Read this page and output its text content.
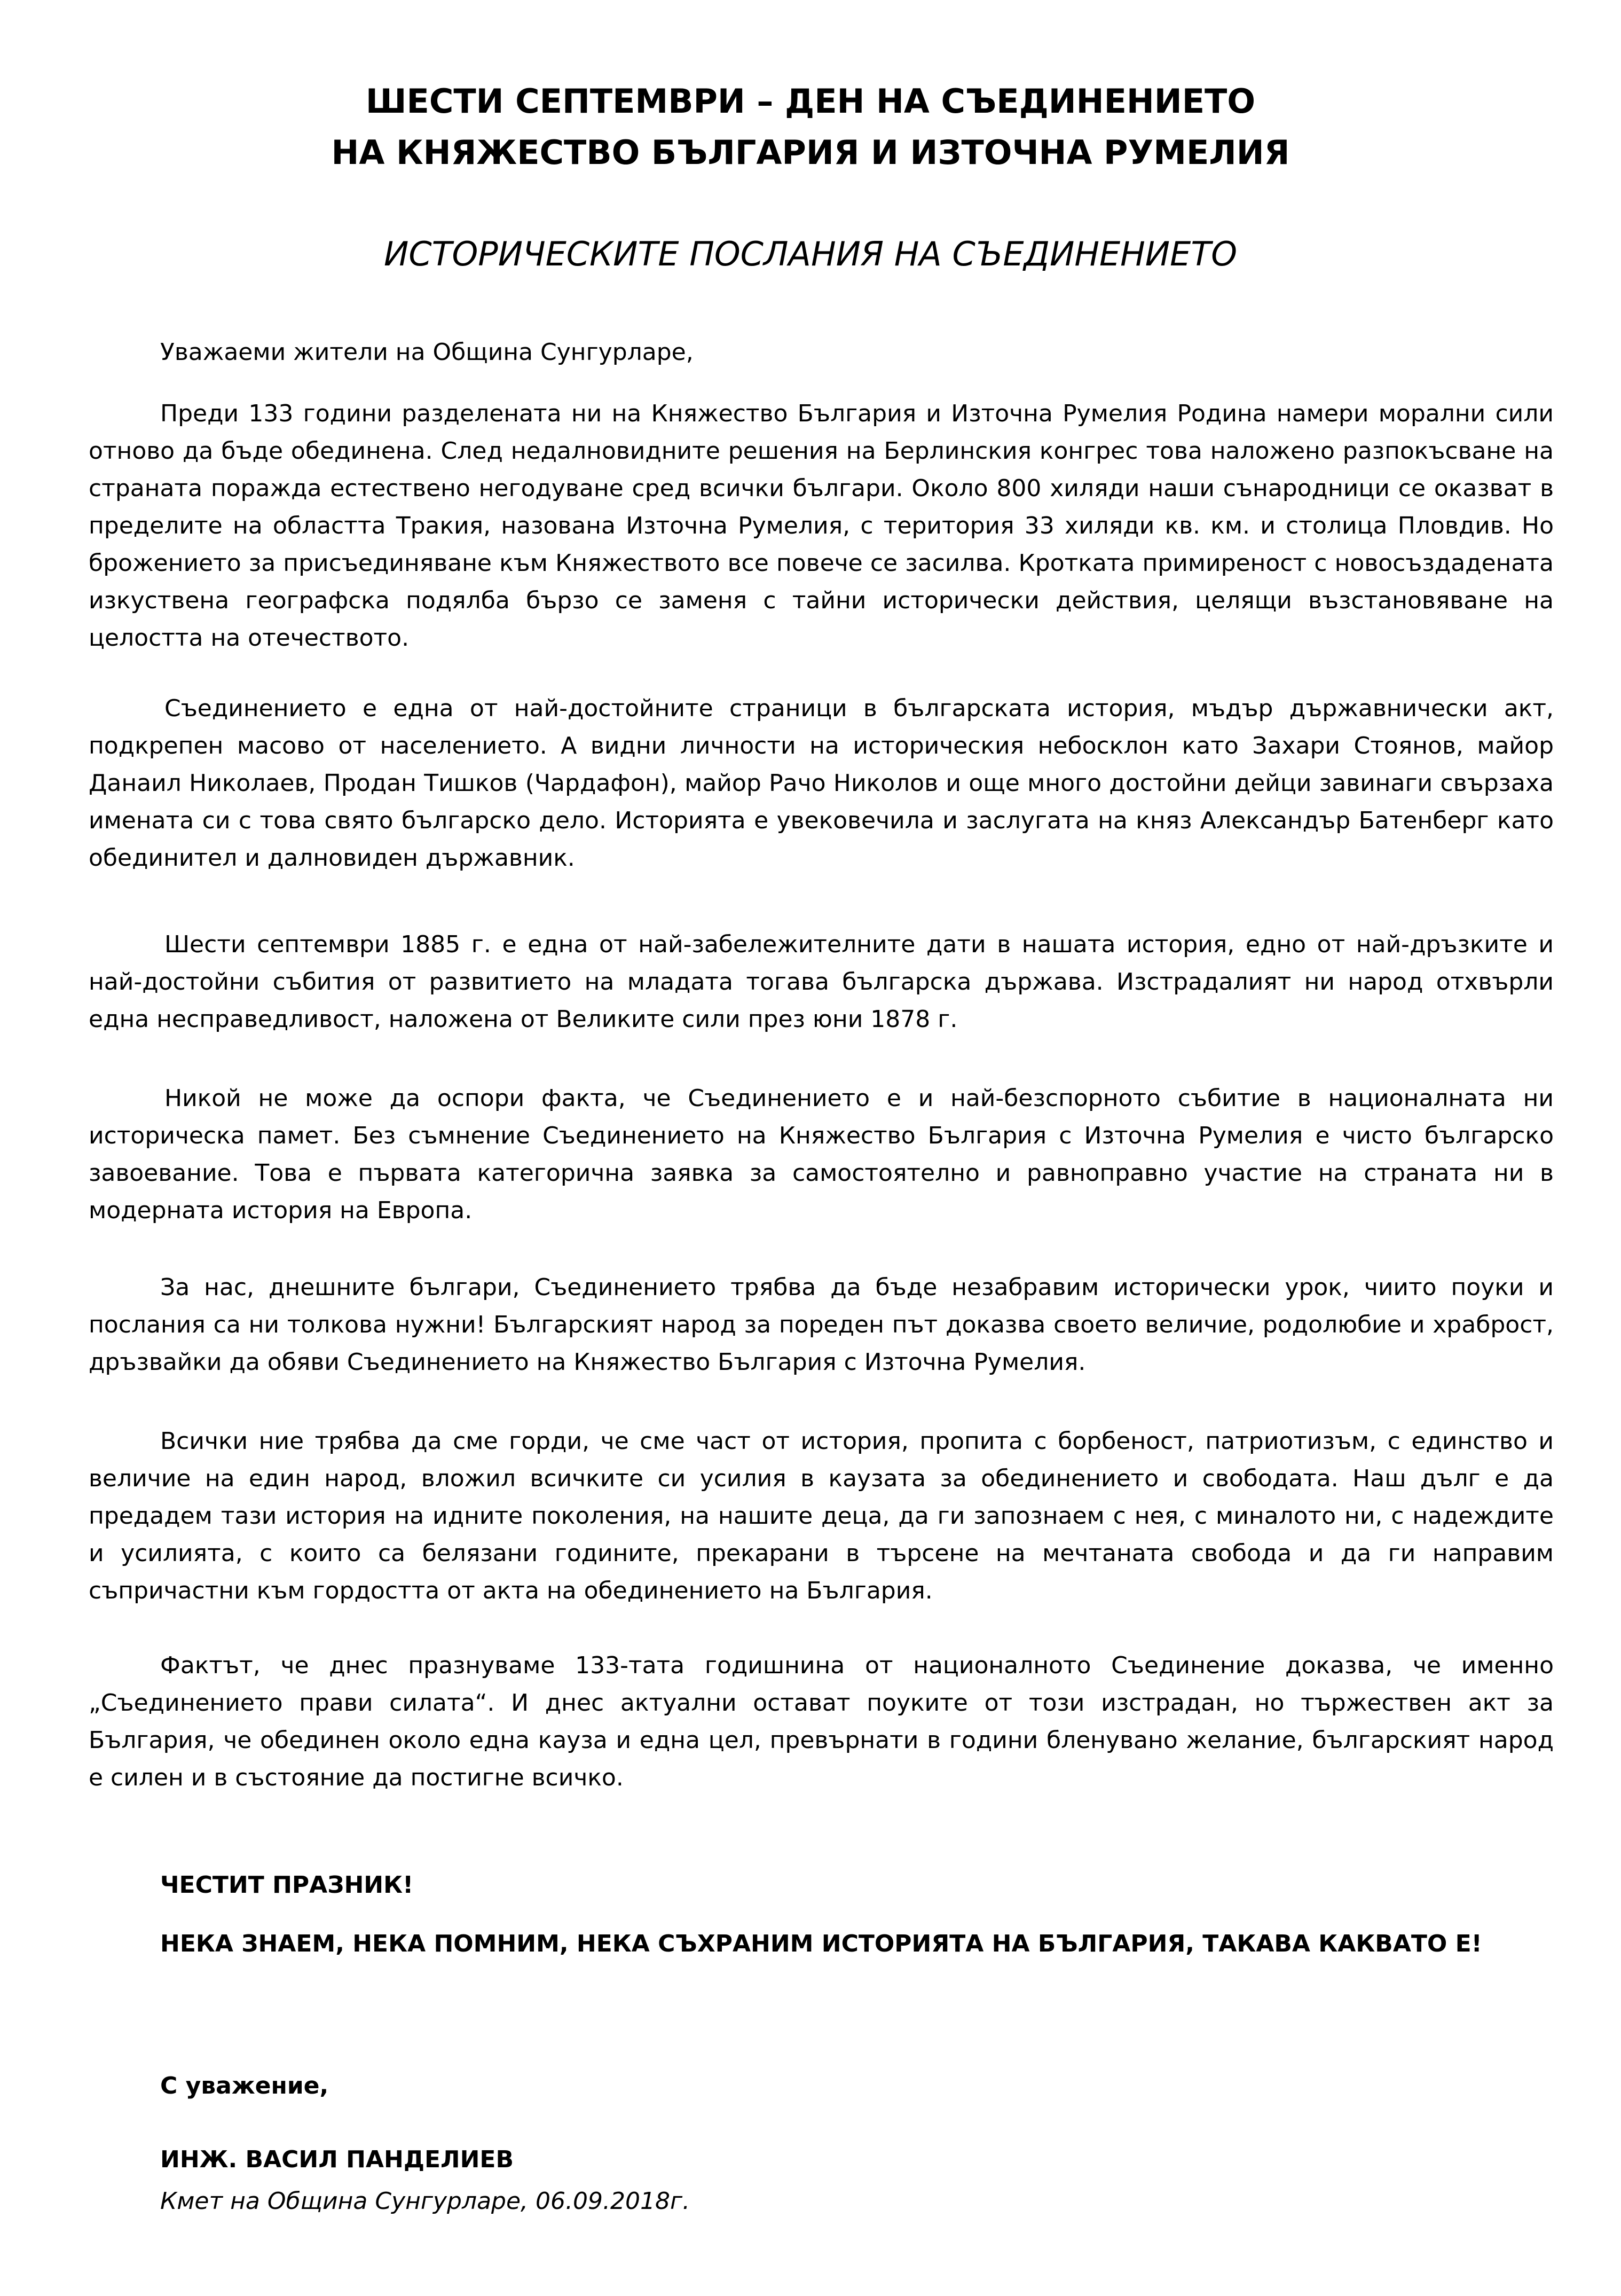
ШЕСТИ СЕПТЕМВРИ – ДЕН НА СЪЕДИНЕНИЕТО
НА КНЯЖЕСТВО БЪЛГАРИЯ И ИЗТОЧНА РУМЕЛИЯ
ИСТОРИЧЕСКИТЕ ПОСЛАНИЯ НА СЪЕДИНЕНИЕТО
Уважаеми жители на Община Сунгурларе,

Преди 133 години разделената ни на Княжество България и Източна Румелия Родина намери морални сили отново да бъде обединена. След недалновидните решения на Берлинския конгрес това наложено разпокъсване на страната поражда естествено негодуване сред всички българи. Около 800 хиляди наши сънародници се оказват в пределите на областта Тракия, назована Източна Румелия, с територия 33 хиляди кв. км. и столица Пловдив. Но брожението за присъединяване към Княжеството все повече се засилва. Кротката примиреност с новосъздадената изкуствена географска подялба бързо се заменя с тайни исторически действия, целящи възстановяване на целостта на отечеството.

Съединението е една от най-достойните страници в българската история, мъдър държавнически акт, подкрепен масово от населението. А видни личности на историческия небосклон като Захари Стоянов, майор Данаил Николаев, Продан Тишков (Чардафон), майор Рачо Николов и още много достойни дейци завинаги свързаха имената си с това свято българско дело. Историята е увековечила и заслугата на княз Александър Батенберг като обединител и далновиден държавник.

Шести септември 1885 г. е една от най-забележителните дати в нашата история, едно от най-дръзките и най-достойни събития от развитието на младата тогава българска държава. Изстрадалият ни народ отхвърли една несправедливост, наложена от Великите сили през юни 1878 г.

Никой не може да оспори факта, че Съединението е и най-безспорното събитие в националната ни историческа памет. Без съмнение Съединението на Княжество България с Източна Румелия е чисто българско завоевание. Това е първата категорична заявка за самостоятелно и равноправно участие на страната ни в модерната история на Европа.

За нас, днешните българи, Съединението трябва да бъде незабравим исторически урок, чиито поуки и послания са ни толкова нужни! Българският народ за пореден път доказва своето величие, родолюбие и храброст, дръзвайки да обяви Съединението на Княжество България с Източна Румелия.

Всички ние трябва да сме горди, че сме част от история, пропита с борбеност, патриотизъм, с единство и величие на един народ, вложил всичките си усилия в каузата за обединението и свободата. Наш дълг е да предадем тази история на идните поколения, на нашите деца, да ги запознаем с нея, с миналото ни, с надеждите и усилията, с които са белязани годините, прекарани в търсене на мечтаната свобода и да ги направим съпричастни към гордостта от акта на обединението на България.

Фактът, че днес празнуваме 133-тата годишнина от националното Съединение доказва, че именно „Съединението прави силата“. И днес актуални остават поуките от този изстрадан, но тържествен акт за България, че обединен около една кауза и една цел, превърнати в години бленувано желание, българският народ е силен и в състояние да постигне всичко.

ЧЕСТИТ ПРАЗНИК!
НЕКА ЗНАЕМ, НЕКА ПОМНИМ, НЕКА СЪХРАНИМ ИСТОРИЯТА НА БЪЛГАРИЯ, ТАКАВА КАКВАТО Е!
С уважение,
ИНЖ. ВАСИЛ ПАНДЕЛИЕВ
Кмет на Община Сунгурларе, 06.09.2018г.
